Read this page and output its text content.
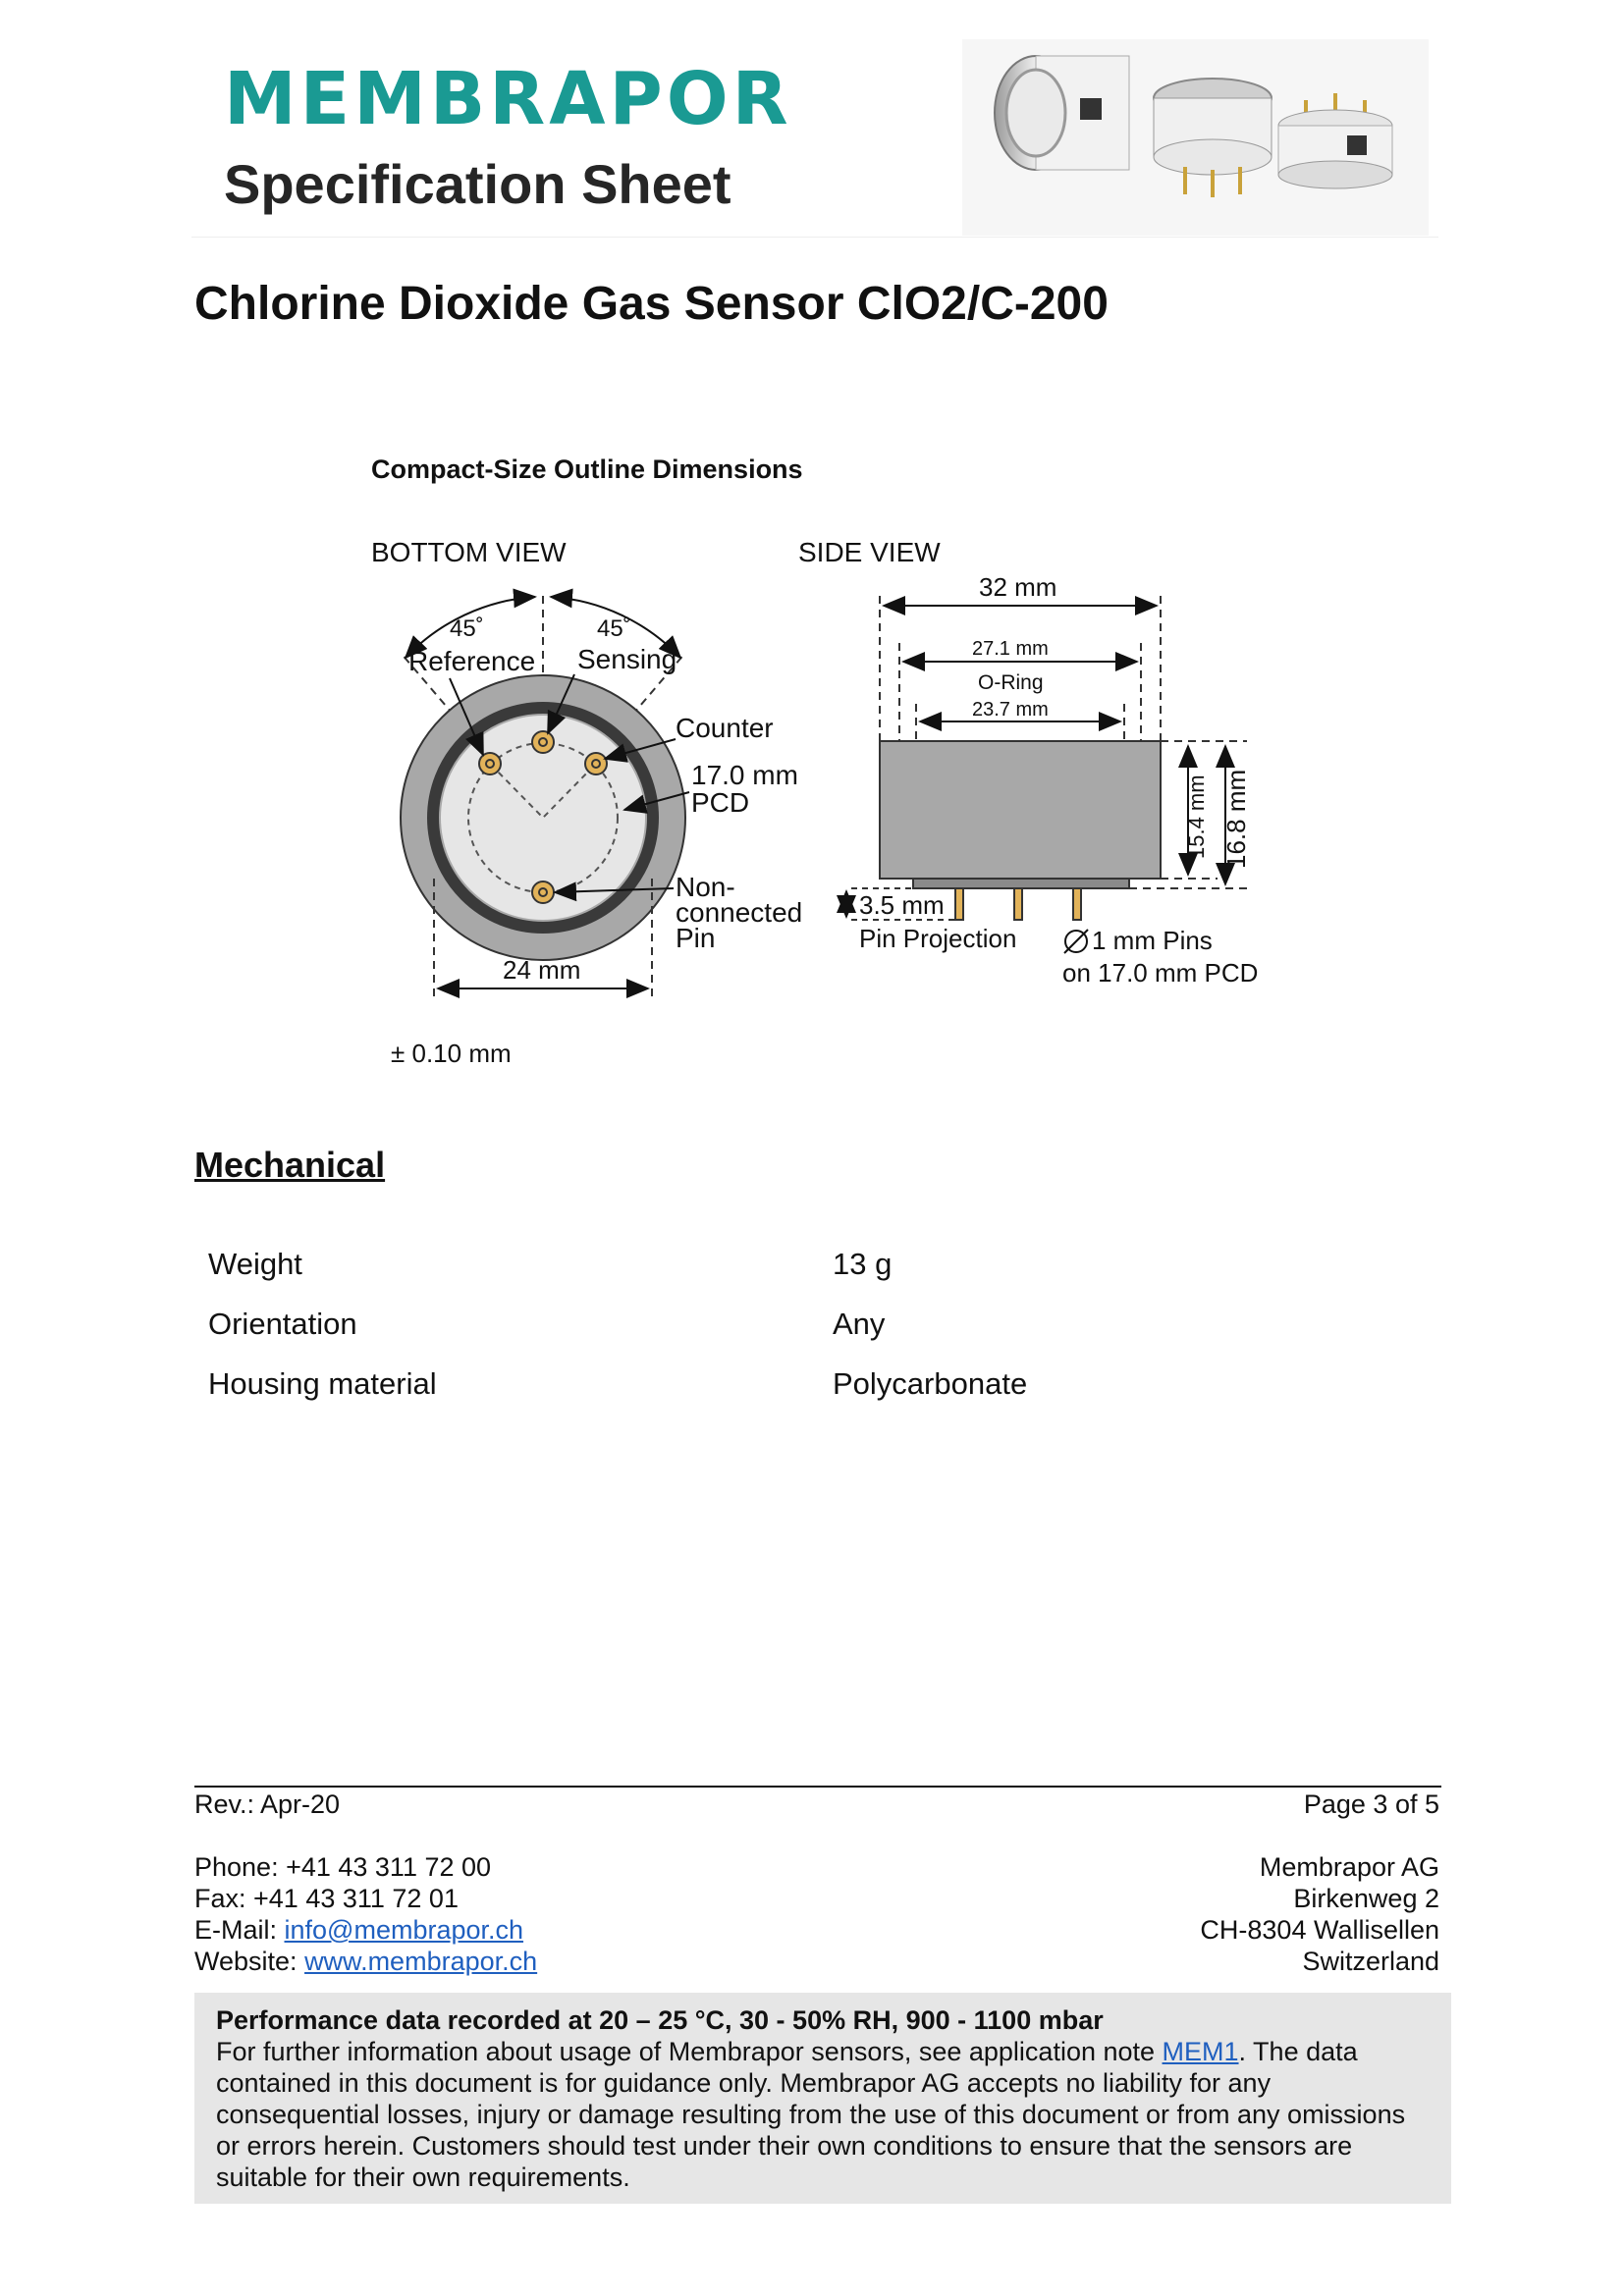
MEMBRAPOR
Specification Sheet
Chlorine Dioxide Gas Sensor ClO2/C-200
Compact-Size Outline Dimensions
BOTTOM VIEW	SIDE VIEW
45˚	45˚
Reference Sensing
Counter
17.0 mm
PCD
Non-
connected
Pin
24 mm
32 mm
27.1 mm
O-Ring
23.7 mm
15.4 mm 16.8 mm
3.5 mm
Pin Projection	1 mm Pins
on 17.0 mm PCD
± 0.10 mm
Mechanical
Weight	13 g
Orientation	Any
Housing material	Polycarbonate
Rev.: Apr-20	Page 3 of 5
Phone: +41 43 311 72 00
Fax: +41 43 311 72 01
E-Mail: info@membrapor.ch
Website: www.membrapor.ch
Membrapor AG
Birkenweg 2
CH-8304 Wallisellen
Switzerland
Performance data recorded at 20 – 25 °C, 30 - 50% RH, 900 - 1100 mbar
For further information about usage of Membrapor sensors, see application note MEM1. The data contained in this document is for guidance only. Membrapor AG accepts no liability for any consequential losses, injury or damage resulting from the use of this document or from any omissions or errors herein. Customers should test under their own conditions to ensure that the sensors are suitable for their own requirements.
